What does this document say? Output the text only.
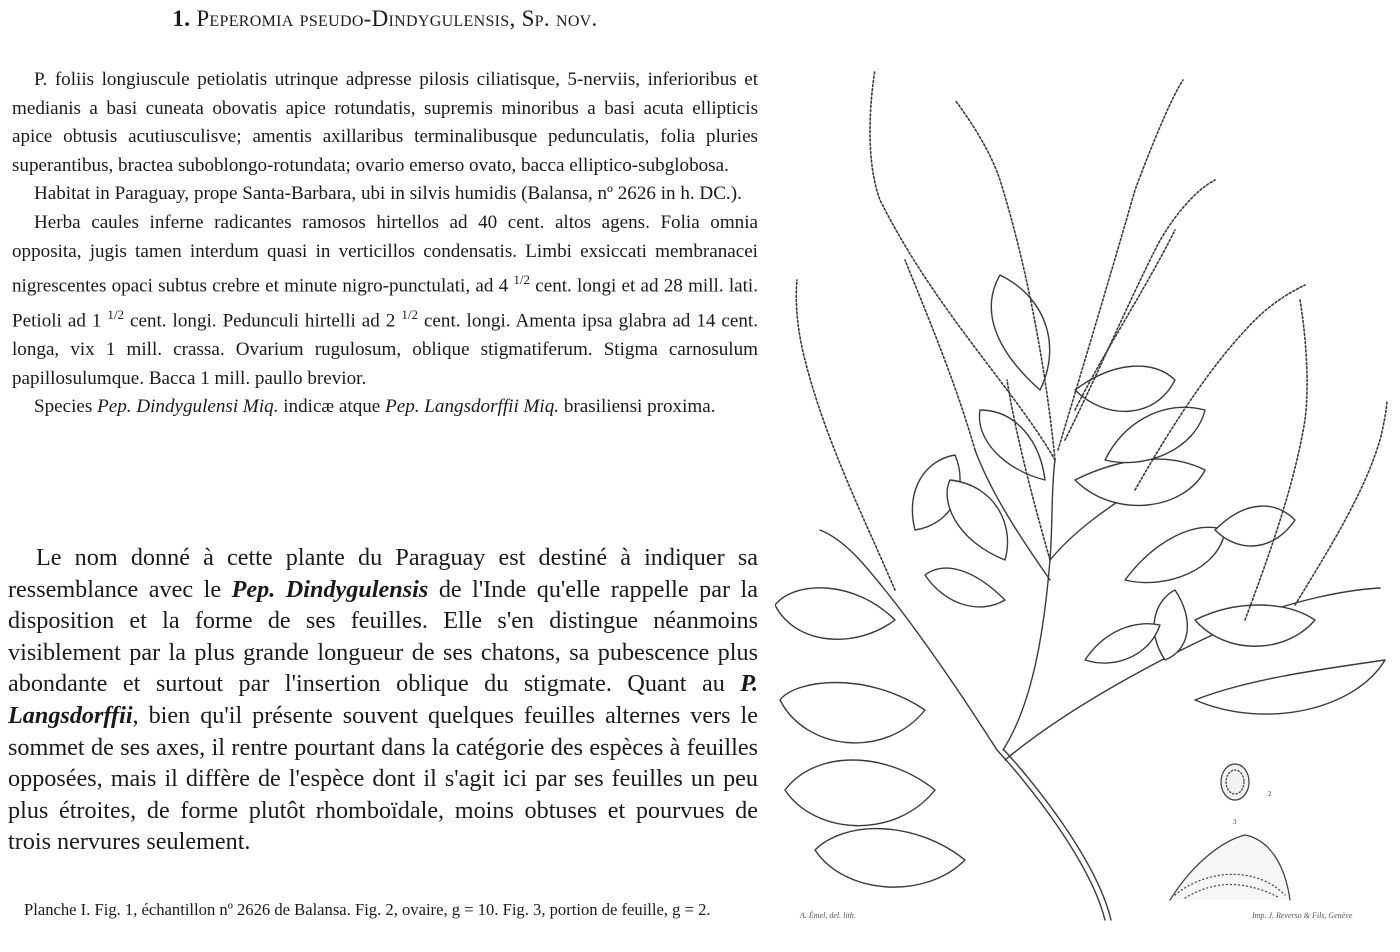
1. Peperomia pseudo-Dindygulensis, Sp. nov.

P. foliis longiuscule petiolatis utrinque adpresse pilosis ciliatisque, 5-nerviis, inferioribus et medianis a basi cuneata obovatis apice rotundatis, supremis minoribus a basi acuta ellipticis apice obtusis acutiusculisve; amentis axillaribus terminalibusque pedunculatis, folia pluries superantibus, bractea suboblongo-rotundata; ovario emerso ovato, bacca elliptico-subglobosa.

Habitat in Paraguay, prope Santa-Barbara, ubi in silvis humidis (Balansa, nº 2626 in h. DC.).

Herba caules inferne radicantes ramosos hirtellos ad 40 cent. altos agens. Folia omnia opposita, jugis tamen interdum quasi in verticillos condensatis. Limbi exsiccati membranacei nigrescentes opaci subtus crebre et minute nigro-punctulati, ad 4 $^{1/2}$ cent. longi et ad 28 mill. lati. Petioli ad 1 $^{1/2}$ cent. longi. Pedunculi hirtelli ad 2 $^{1/2}$ cent. longi. Amenta ipsa glabra ad 14 cent. longa, vix 1 mill. crassa. Ovarium rugulosum, oblique stigmatiferum. Stigma carnosulum papillosulumque. Bacca 1 mill. paullo brevior.

Species Pep. Dindygulensi Miq. indicæ atque Pep. Langsdorffii Miq. brasiliensi proxima.

Le nom donné à cette plante du Paraguay est destiné à indiquer sa ressemblance avec le Pep. Dindygulensis de l'Inde qu'elle rappelle par la disposition et la forme de ses feuilles. Elle s'en distingue néanmoins visiblement par la plus grande longueur de ses chatons, sa pubescence plus abondante et surtout par l'insertion oblique du stigmate. Quant au P. Langsdorffii, bien qu'il présente souvent quelques feuilles alternes vers le sommet de ses axes, il rentre pourtant dans la catégorie des espèces à feuilles opposées, mais il diffère de l'espèce dont il s'agit ici par ses feuilles un peu plus étroites, de forme plutôt rhomboïdale, moins obtuses et pourvues de trois nervures seulement.

Planche I. Fig. 1, échantillon nº 2626 de Balansa. Fig. 2, ovaire, g = 10. Fig. 3, portion de feuille, g = 2.

2
3
A. Émel, del. lith.	Imp. J. Reverso & Fils, Genève
